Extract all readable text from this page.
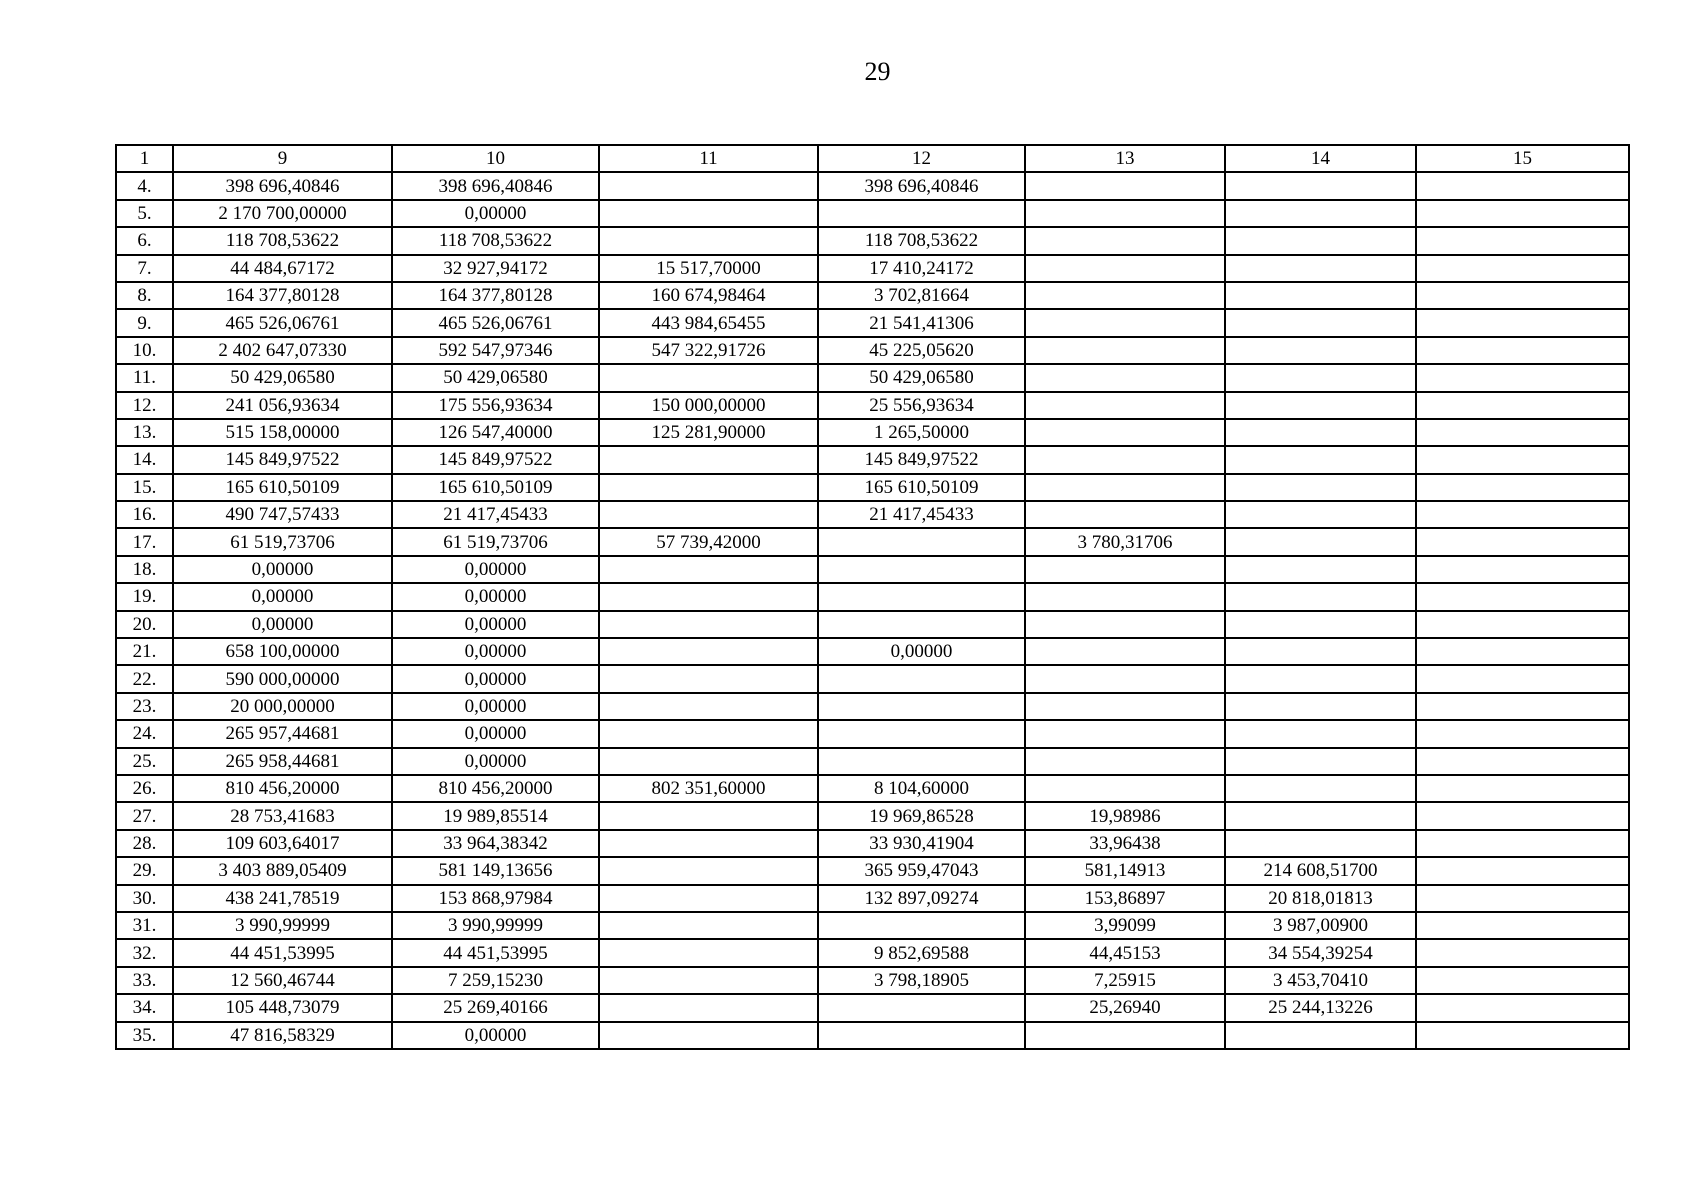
29
1	9	10	11	12	13	14	15
4.	398 696,40846	398 696,40846		398 696,40846			
5.	2 170 700,00000	0,00000					
6.	118 708,53622	118 708,53622		118 708,53622			
7.	44 484,67172	32 927,94172	15 517,70000	17 410,24172			
8.	164 377,80128	164 377,80128	160 674,98464	3 702,81664			
9.	465 526,06761	465 526,06761	443 984,65455	21 541,41306			
10.	2 402 647,07330	592 547,97346	547 322,91726	45 225,05620			
11.	50 429,06580	50 429,06580		50 429,06580			
12.	241 056,93634	175 556,93634	150 000,00000	25 556,93634			
13.	515 158,00000	126 547,40000	125 281,90000	1 265,50000			
14.	145 849,97522	145 849,97522		145 849,97522			
15.	165 610,50109	165 610,50109		165 610,50109			
16.	490 747,57433	21 417,45433		21 417,45433			
17.	61 519,73706	61 519,73706	57 739,42000		3 780,31706		
18.	0,00000	0,00000					
19.	0,00000	0,00000					
20.	0,00000	0,00000					
21.	658 100,00000	0,00000		0,00000			
22.	590 000,00000	0,00000					
23.	20 000,00000	0,00000					
24.	265 957,44681	0,00000					
25.	265 958,44681	0,00000					
26.	810 456,20000	810 456,20000	802 351,60000	8 104,60000			
27.	28 753,41683	19 989,85514		19 969,86528	19,98986		
28.	109 603,64017	33 964,38342		33 930,41904	33,96438		
29.	3 403 889,05409	581 149,13656		365 959,47043	581,14913	214 608,51700	
30.	438 241,78519	153 868,97984		132 897,09274	153,86897	20 818,01813	
31.	3 990,99999	3 990,99999			3,99099	3 987,00900	
32.	44 451,53995	44 451,53995		9 852,69588	44,45153	34 554,39254	
33.	12 560,46744	7 259,15230		3 798,18905	7,25915	3 453,70410	
34.	105 448,73079	25 269,40166			25,26940	25 244,13226	
35.	47 816,58329	0,00000					
